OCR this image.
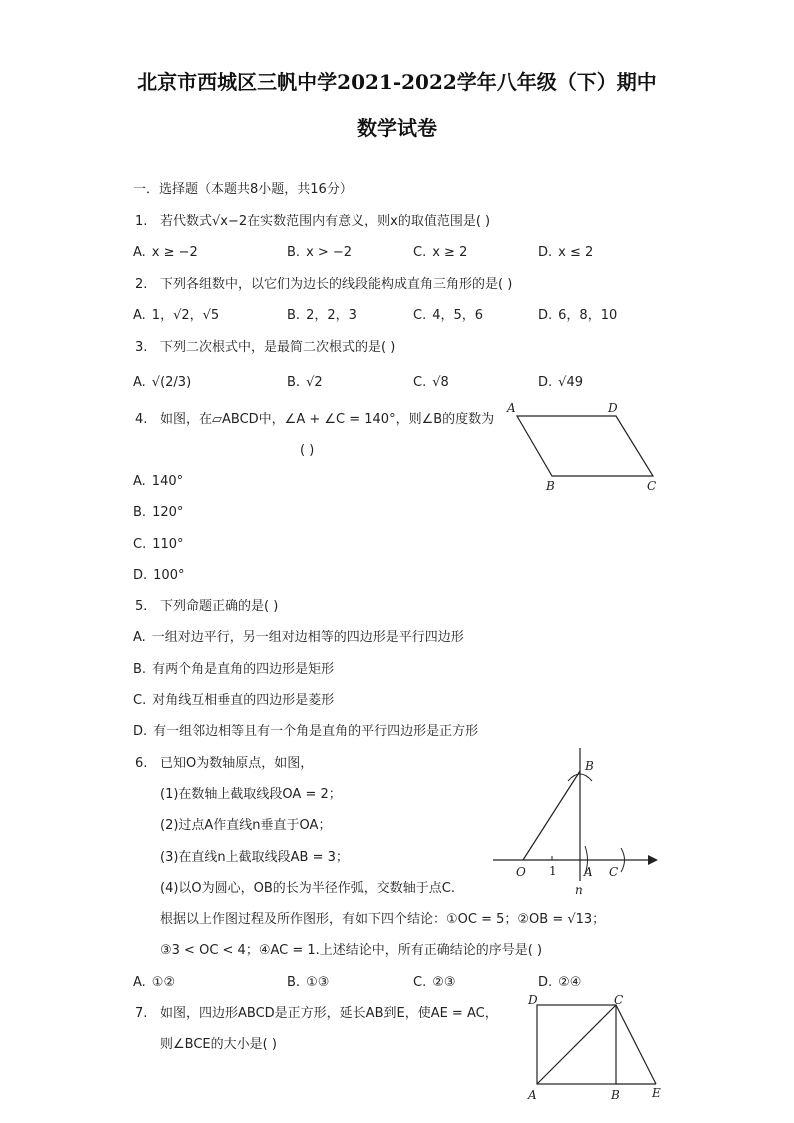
北京市西城区三帆中学2021-2022学年八年级（下）期中
数学试卷
一．选择题（本题共8小题，共16分）
1. 若代数式√x−2在实数范围内有意义，则x的取值范围是( )
A. x ≥ −2	B. x > −2	C. x ≥ 2	D. x ≤ 2
2. 下列各组数中，以它们为边长的线段能构成直角三角形的是( )
A. 1，√2，√5	B. 2，2，3	C. 4，5，6	D. 6，8，10
3. 下列二次根式中，是最简二次根式的是( )
A. √(2/3)	B. √2	C. √8	D. √49
4. 如图，在▱ABCD中，∠A + ∠C = 140°，则∠B的度数为
( )
A	D
B	C
A. 140°
B. 120°
C. 110°
D. 100°
5. 下列命题正确的是( )
A. 一组对边平行，另一组对边相等的四边形是平行四边形
B. 有两个角是直角的四边形是矩形
C. 对角线互相垂直的四边形是菱形
D. 有一组邻边相等且有一个角是直角的平行四边形是正方形
6. 已知O为数轴原点，如图，
(1)在数轴上截取线段OA = 2；
(2)过点A作直线n垂直于OA；
(3)在直线n上截取线段AB = 3；
(4)以O为圆心，OB的长为半径作弧，交数轴于点C.
根据以上作图过程及所作图形，有如下四个结论：①OC = 5；②OB = √13；
③3 < OC < 4；④AC = 1.上述结论中，所有正确结论的序号是( )
B
O 1 A C
n
A. ①②	B. ①③	C. ②③	D. ②④
7. 如图，四边形ABCD是正方形，延长AB到E，使AE = AC，
则∠BCE的大小是( )
D	C
A	B	E
